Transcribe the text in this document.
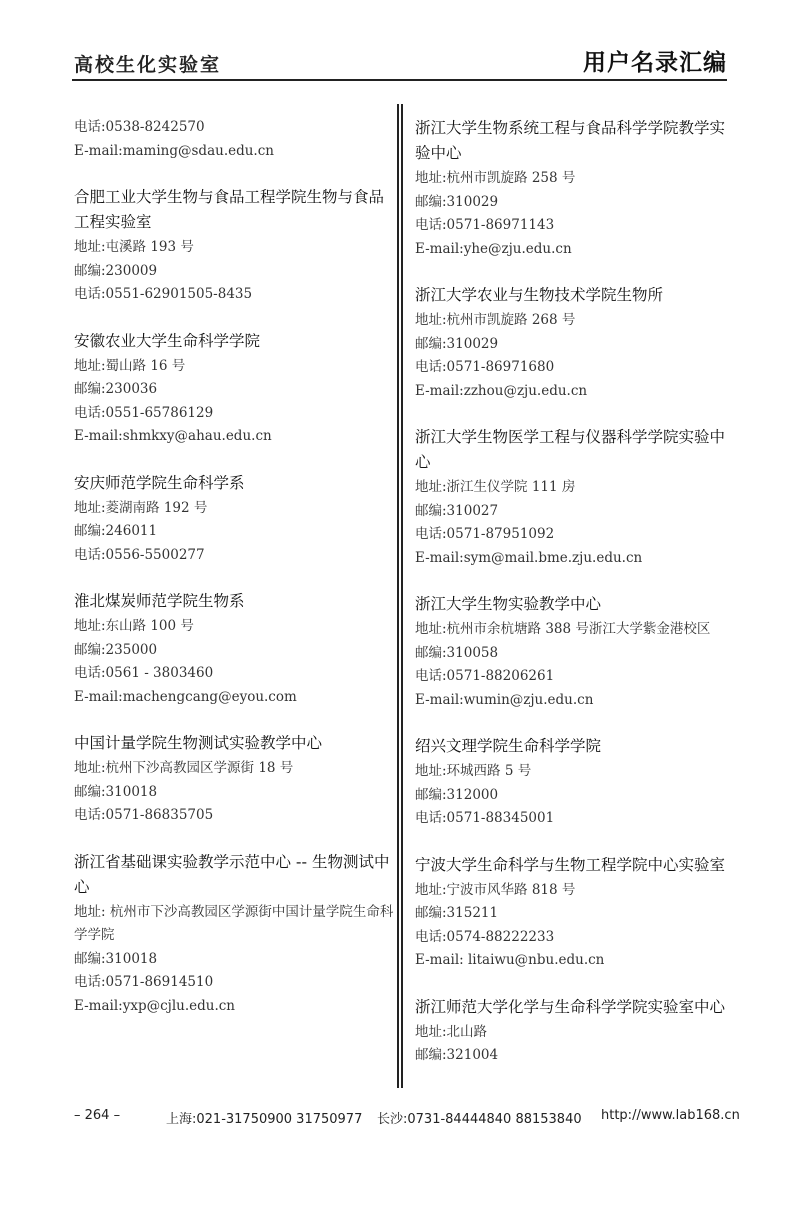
高校生化实验室	用户名录汇编
电话:0538-8242570
E-mail:maming@sdau.edu.cn
合肥工业大学生物与食品工程学院生物与食品工程实验室
地址:屯溪路 193 号
邮编:230009
电话:0551-62901505-8435
安徽农业大学生命科学学院
地址:蜀山路 16 号
邮编:230036
电话:0551-65786129
E-mail:shmkxy@ahau.edu.cn
安庆师范学院生命科学系
地址:菱湖南路 192 号
邮编:246011
电话:0556-5500277
淮北煤炭师范学院生物系
地址:东山路 100 号
邮编:235000
电话:0561 - 3803460
E-mail:machengcang@eyou.com
中国计量学院生物测试实验教学中心
地址:杭州下沙高教园区学源街 18 号
邮编:310018
电话:0571-86835705
浙江省基础课实验教学示范中心 -- 生物测试中心
地址: 杭州市下沙高教园区学源街中国计量学院生命科学学院
邮编:310018
电话:0571-86914510
E-mail:yxp@cjlu.edu.cn
浙江大学生物系统工程与食品科学学院教学实验中心
地址:杭州市凯旋路 258 号
邮编:310029
电话:0571-86971143
E-mail:yhe@zju.edu.cn
浙江大学农业与生物技术学院生物所
地址:杭州市凯旋路 268 号
邮编:310029
电话:0571-86971680
E-mail:zzhou@zju.edu.cn
浙江大学生物医学工程与仪器科学学院实验中心
地址:浙江生仪学院 111 房
邮编:310027
电话:0571-87951092
E-mail:sym@mail.bme.zju.edu.cn
浙江大学生物实验教学中心
地址:杭州市余杭塘路 388 号浙江大学紫金港校区
邮编:310058
电话:0571-88206261
E-mail:wumin@zju.edu.cn
绍兴文理学院生命科学学院
地址:环城西路 5 号
邮编:312000
电话:0571-88345001
宁波大学生命科学与生物工程学院中心实验室
地址:宁波市风华路 818 号
邮编:315211
电话:0574-88222233
E-mail: litaiwu@nbu.edu.cn
浙江师范大学化学与生命科学学院实验室中心
地址:北山路
邮编:321004
– 264 –	上海:021-31750900 31750977 长沙:0731-84444840 88153840 http://www.lab168.cn
